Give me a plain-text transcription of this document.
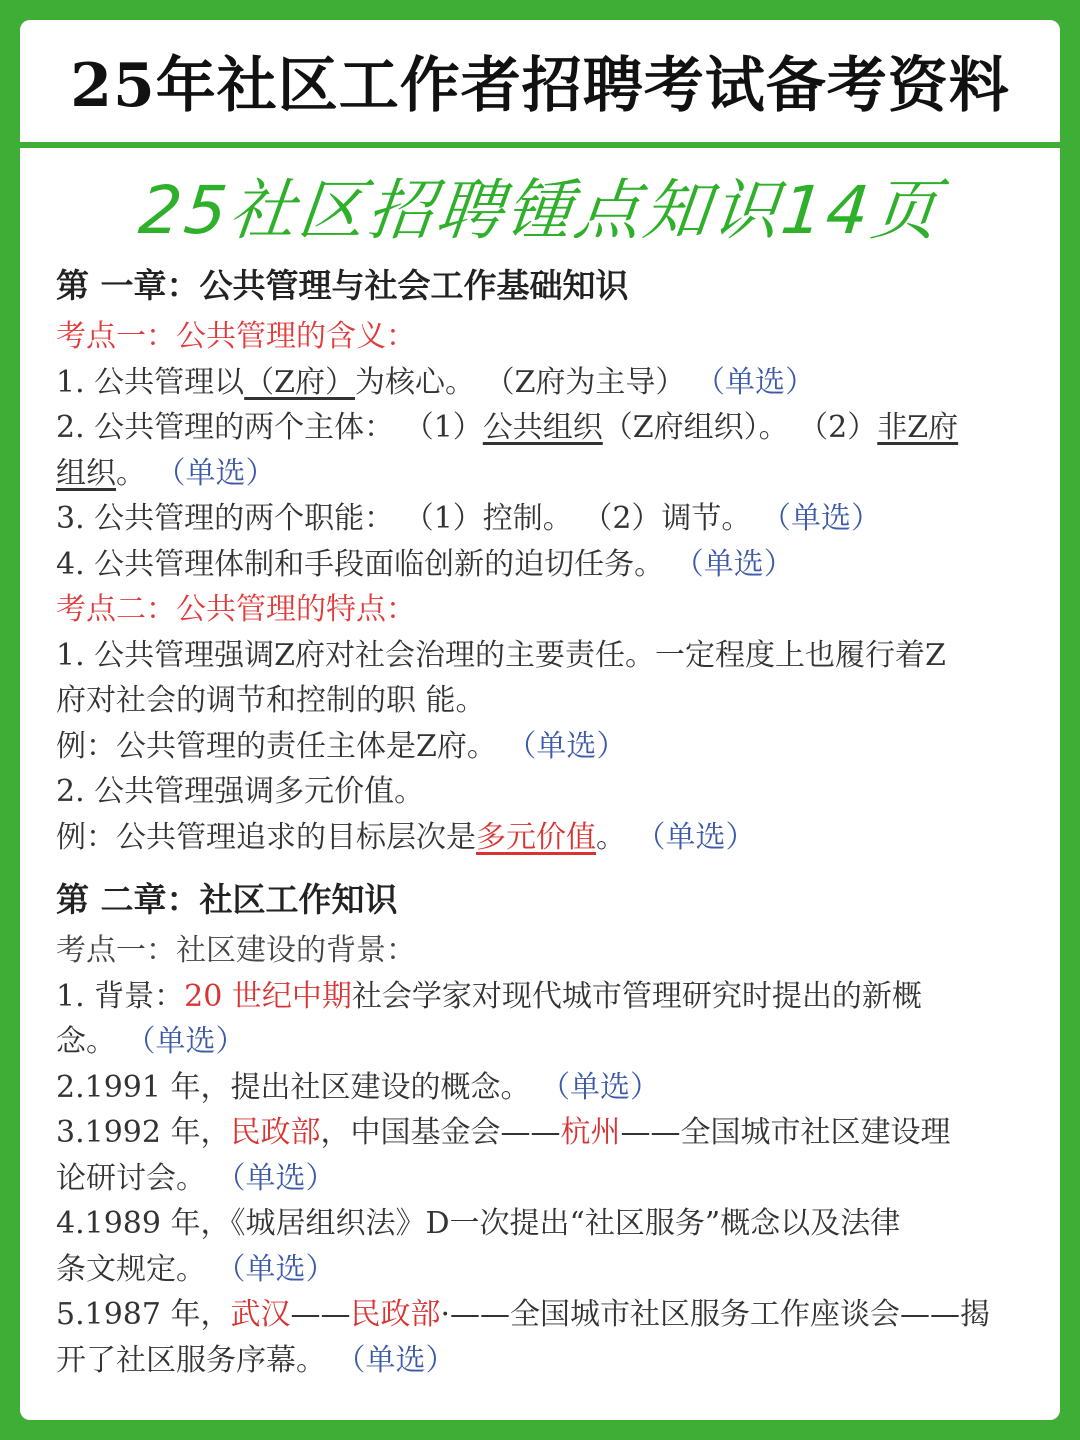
25年社区工作者招聘考试备考资料
25社区招聘锺点知识14页
第 一章：公共管理与社会工作基础知识

考点一：公共管理的含义：

1. 公共管理以（Z府）为核心。 （Z府为主导） （单选）

2. 公共管理的两个主体： （1）公共组织（Z府组织）。 （2）非Z府

组织。 （单选）

3. 公共管理的两个职能： （1）控制。 （2）调节。 （单选）

4. 公共管理体制和手段面临创新的迫切任务。 （单选）

考点二：公共管理的特点：

1. 公共管理强调Z府对社会治理的主要责任。一定程度上也履行着Z

府对社会的调节和控制的职 能。

例：公共管理的责任主体是Z府。 （单选）

2. 公共管理强调多元价值。

例：公共管理追求的目标层次是多元价值。 （单选）

第 二章：社区工作知识

考点一：社区建设的背景：

1. 背景：20 世纪中期社会学家对现代城市管理研究时提出的新概

念。 （单选）

2.1991 年，提出社区建设的概念。 （单选）

3.1992 年，民政部，中国基金会——杭州——全国城市社区建设理

论研讨会。 （单选）

4.1989 年，《城居组织法》D一次提出“社区服务”概念以及法律

条文规定。 （单选）

5.1987 年，武汉——民政部·——全国城市社区服务工作座谈会——揭

开了社区服务序幕。 （单选）
